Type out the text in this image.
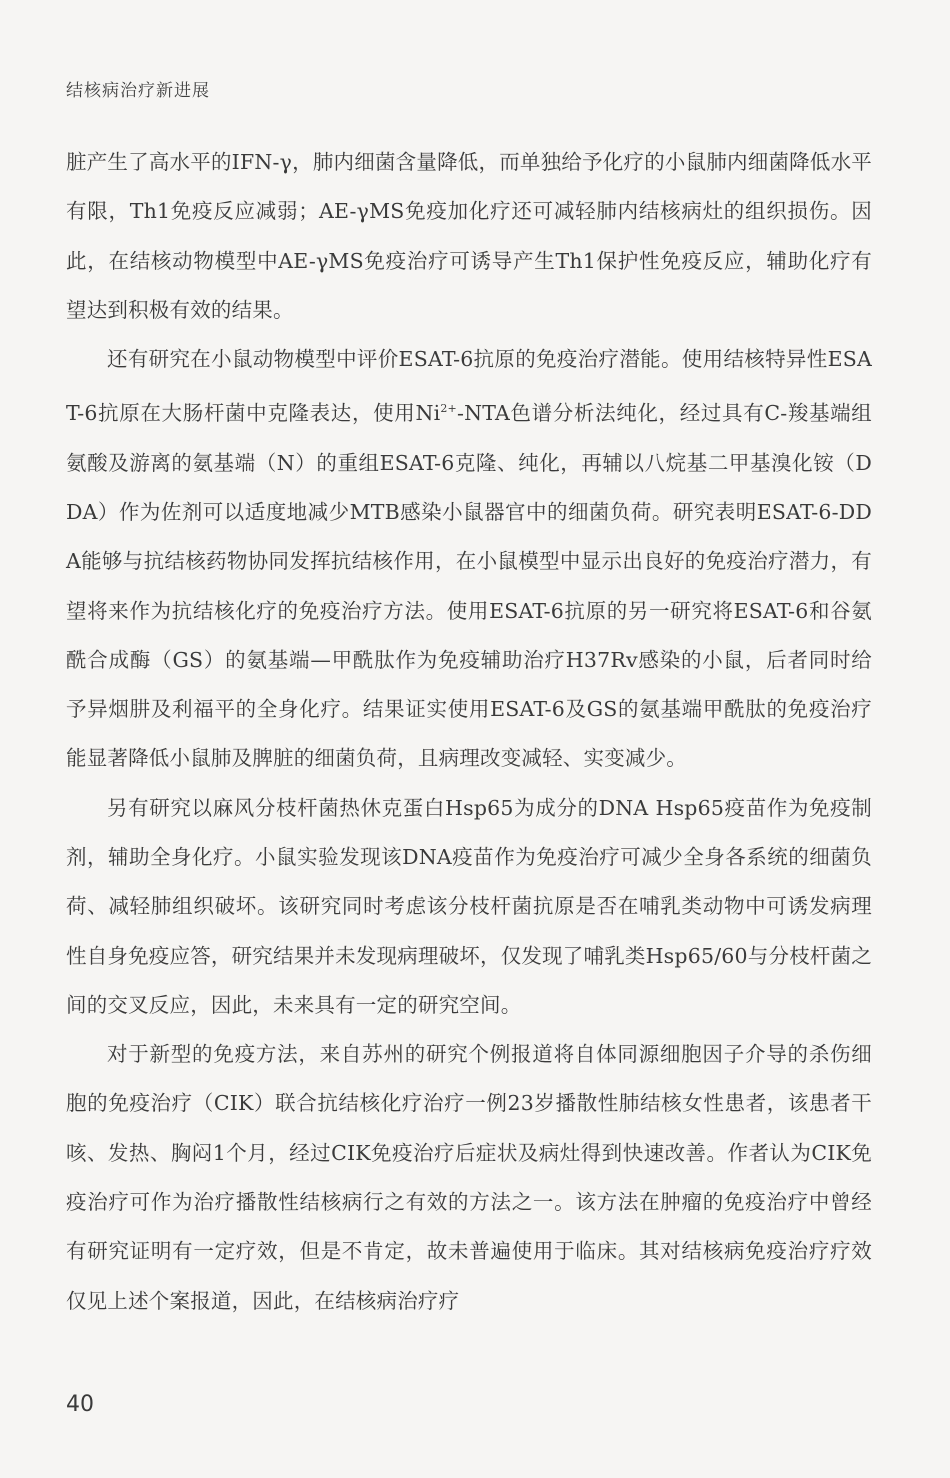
结核病治疗新进展

脏产生了高水平的IFN-γ，肺内细菌含量降低，而单独给予化疗的小鼠肺内细菌降低水平有限，Th1免疫反应减弱；AE-γMS免疫加化疗还可减轻肺内结核病灶的组织损伤。因此，在结核动物模型中AE-γMS免疫治疗可诱导产生Th1保护性免疫反应，辅助化疗有望达到积极有效的结果。

还有研究在小鼠动物模型中评价ESAT-6抗原的免疫治疗潜能。使用结核特异性ESAT-6抗原在大肠杆菌中克隆表达，使用$Ni^{2+}$-NTA色谱分析法纯化，经过具有C-羧基端组氨酸及游离的氨基端（N）的重组ESAT-6克隆、纯化，再辅以八烷基二甲基溴化铵（DDA）作为佐剂可以适度地减少MTB感染小鼠器官中的细菌负荷。研究表明ESAT-6-DDA能够与抗结核药物协同发挥抗结核作用，在小鼠模型中显示出良好的免疫治疗潜力，有望将来作为抗结核化疗的免疫治疗方法。使用ESAT-6抗原的另一研究将ESAT-6和谷氨酰合成酶（GS）的氨基端—甲酰肽作为免疫辅助治疗H37Rv感染的小鼠，后者同时给予异烟肼及利福平的全身化疗。结果证实使用ESAT-6及GS的氨基端甲酰肽的免疫治疗能显著降低小鼠肺及脾脏的细菌负荷，且病理改变减轻、实变减少。

另有研究以麻风分枝杆菌热休克蛋白Hsp65为成分的DNA Hsp65疫苗作为免疫制剂，辅助全身化疗。小鼠实验发现该DNA疫苗作为免疫治疗可减少全身各系统的细菌负荷、减轻肺组织破坏。该研究同时考虑该分枝杆菌抗原是否在哺乳类动物中可诱发病理性自身免疫应答，研究结果并未发现病理破坏，仅发现了哺乳类Hsp65/60与分枝杆菌之间的交叉反应，因此，未来具有一定的研究空间。

对于新型的免疫方法，来自苏州的研究个例报道将自体同源细胞因子介导的杀伤细胞的免疫治疗（CIK）联合抗结核化疗治疗一例23岁播散性肺结核女性患者，该患者干咳、发热、胸闷1个月，经过CIK免疫治疗后症状及病灶得到快速改善。作者认为CIK免疫治疗可作为治疗播散性结核病行之有效的方法之一。该方法在肿瘤的免疫治疗中曾经有研究证明有一定疗效，但是不肯定，故未普遍使用于临床。其对结核病免疫治疗疗效仅见上述个案报道，因此，在结核病治疗疗

40
